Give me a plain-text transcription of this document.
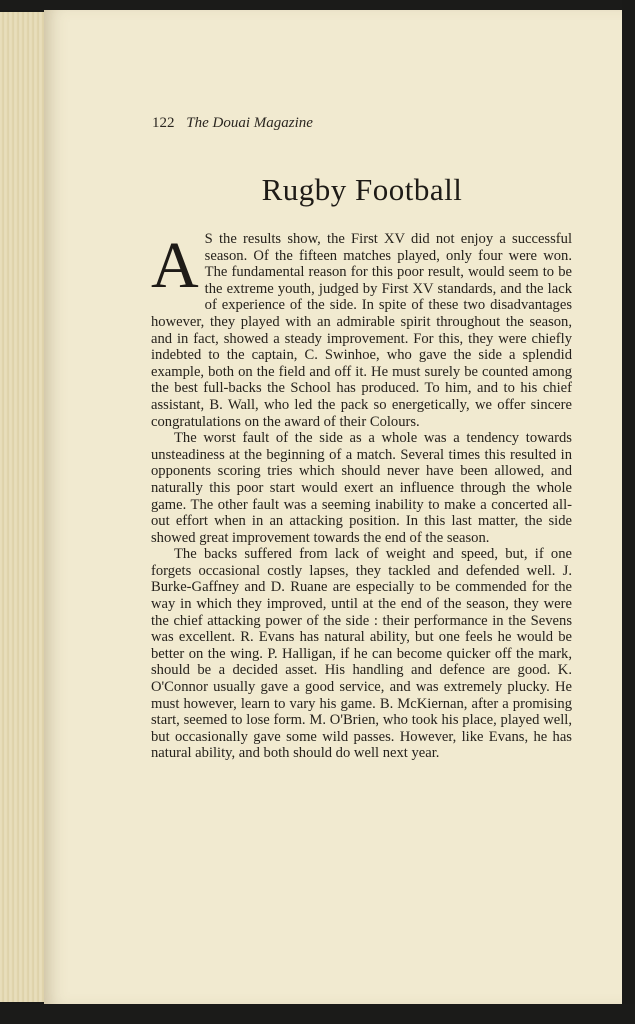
122 The Douai Magazine
Rugby Football

A S the results show, the First XV did not enjoy a successful season. Of the fifteen matches played, only four were won. The fundamental reason for this poor result, would seem to be the extreme youth, judged by First XV standards, and the lack of experience of the side. In spite of these two disadvantages however, they played with an admirable spirit throughout the season, and in fact, showed a steady improvement. For this, they were chiefly indebted to the captain, C. Swinhoe, who gave the side a splendid example, both on the field and off it. He must surely be counted among the best full-backs the School has produced. To him, and to his chief assistant, B. Wall, who led the pack so energetically, we offer sincere congratulations on the award of their Colours.

The worst fault of the side as a whole was a tendency towards unsteadiness at the beginning of a match. Several times this resulted in opponents scoring tries which should never have been allowed, and naturally this poor start would exert an influence through the whole game. The other fault was a seeming inability to make a concerted all-out effort when in an attacking position. In this last matter, the side showed great improvement towards the end of the season.

The backs suffered from lack of weight and speed, but, if one forgets occasional costly lapses, they tackled and defended well. J. Burke-Gaffney and D. Ruane are especially to be commended for the way in which they improved, until at the end of the season, they were the chief attacking power of the side : their performance in the Sevens was excellent. R. Evans has natural ability, but one feels he would be better on the wing. P. Halligan, if he can become quicker off the mark, should be a decided asset. His handling and defence are good. K. O'Connor usually gave a good service, and was extremely plucky. He must however, learn to vary his game. B. McKiernan, after a promising start, seemed to lose form. M. O'Brien, who took his place, played well, but occasionally gave some wild passes. However, like Evans, he has natural ability, and both should do well next year.
